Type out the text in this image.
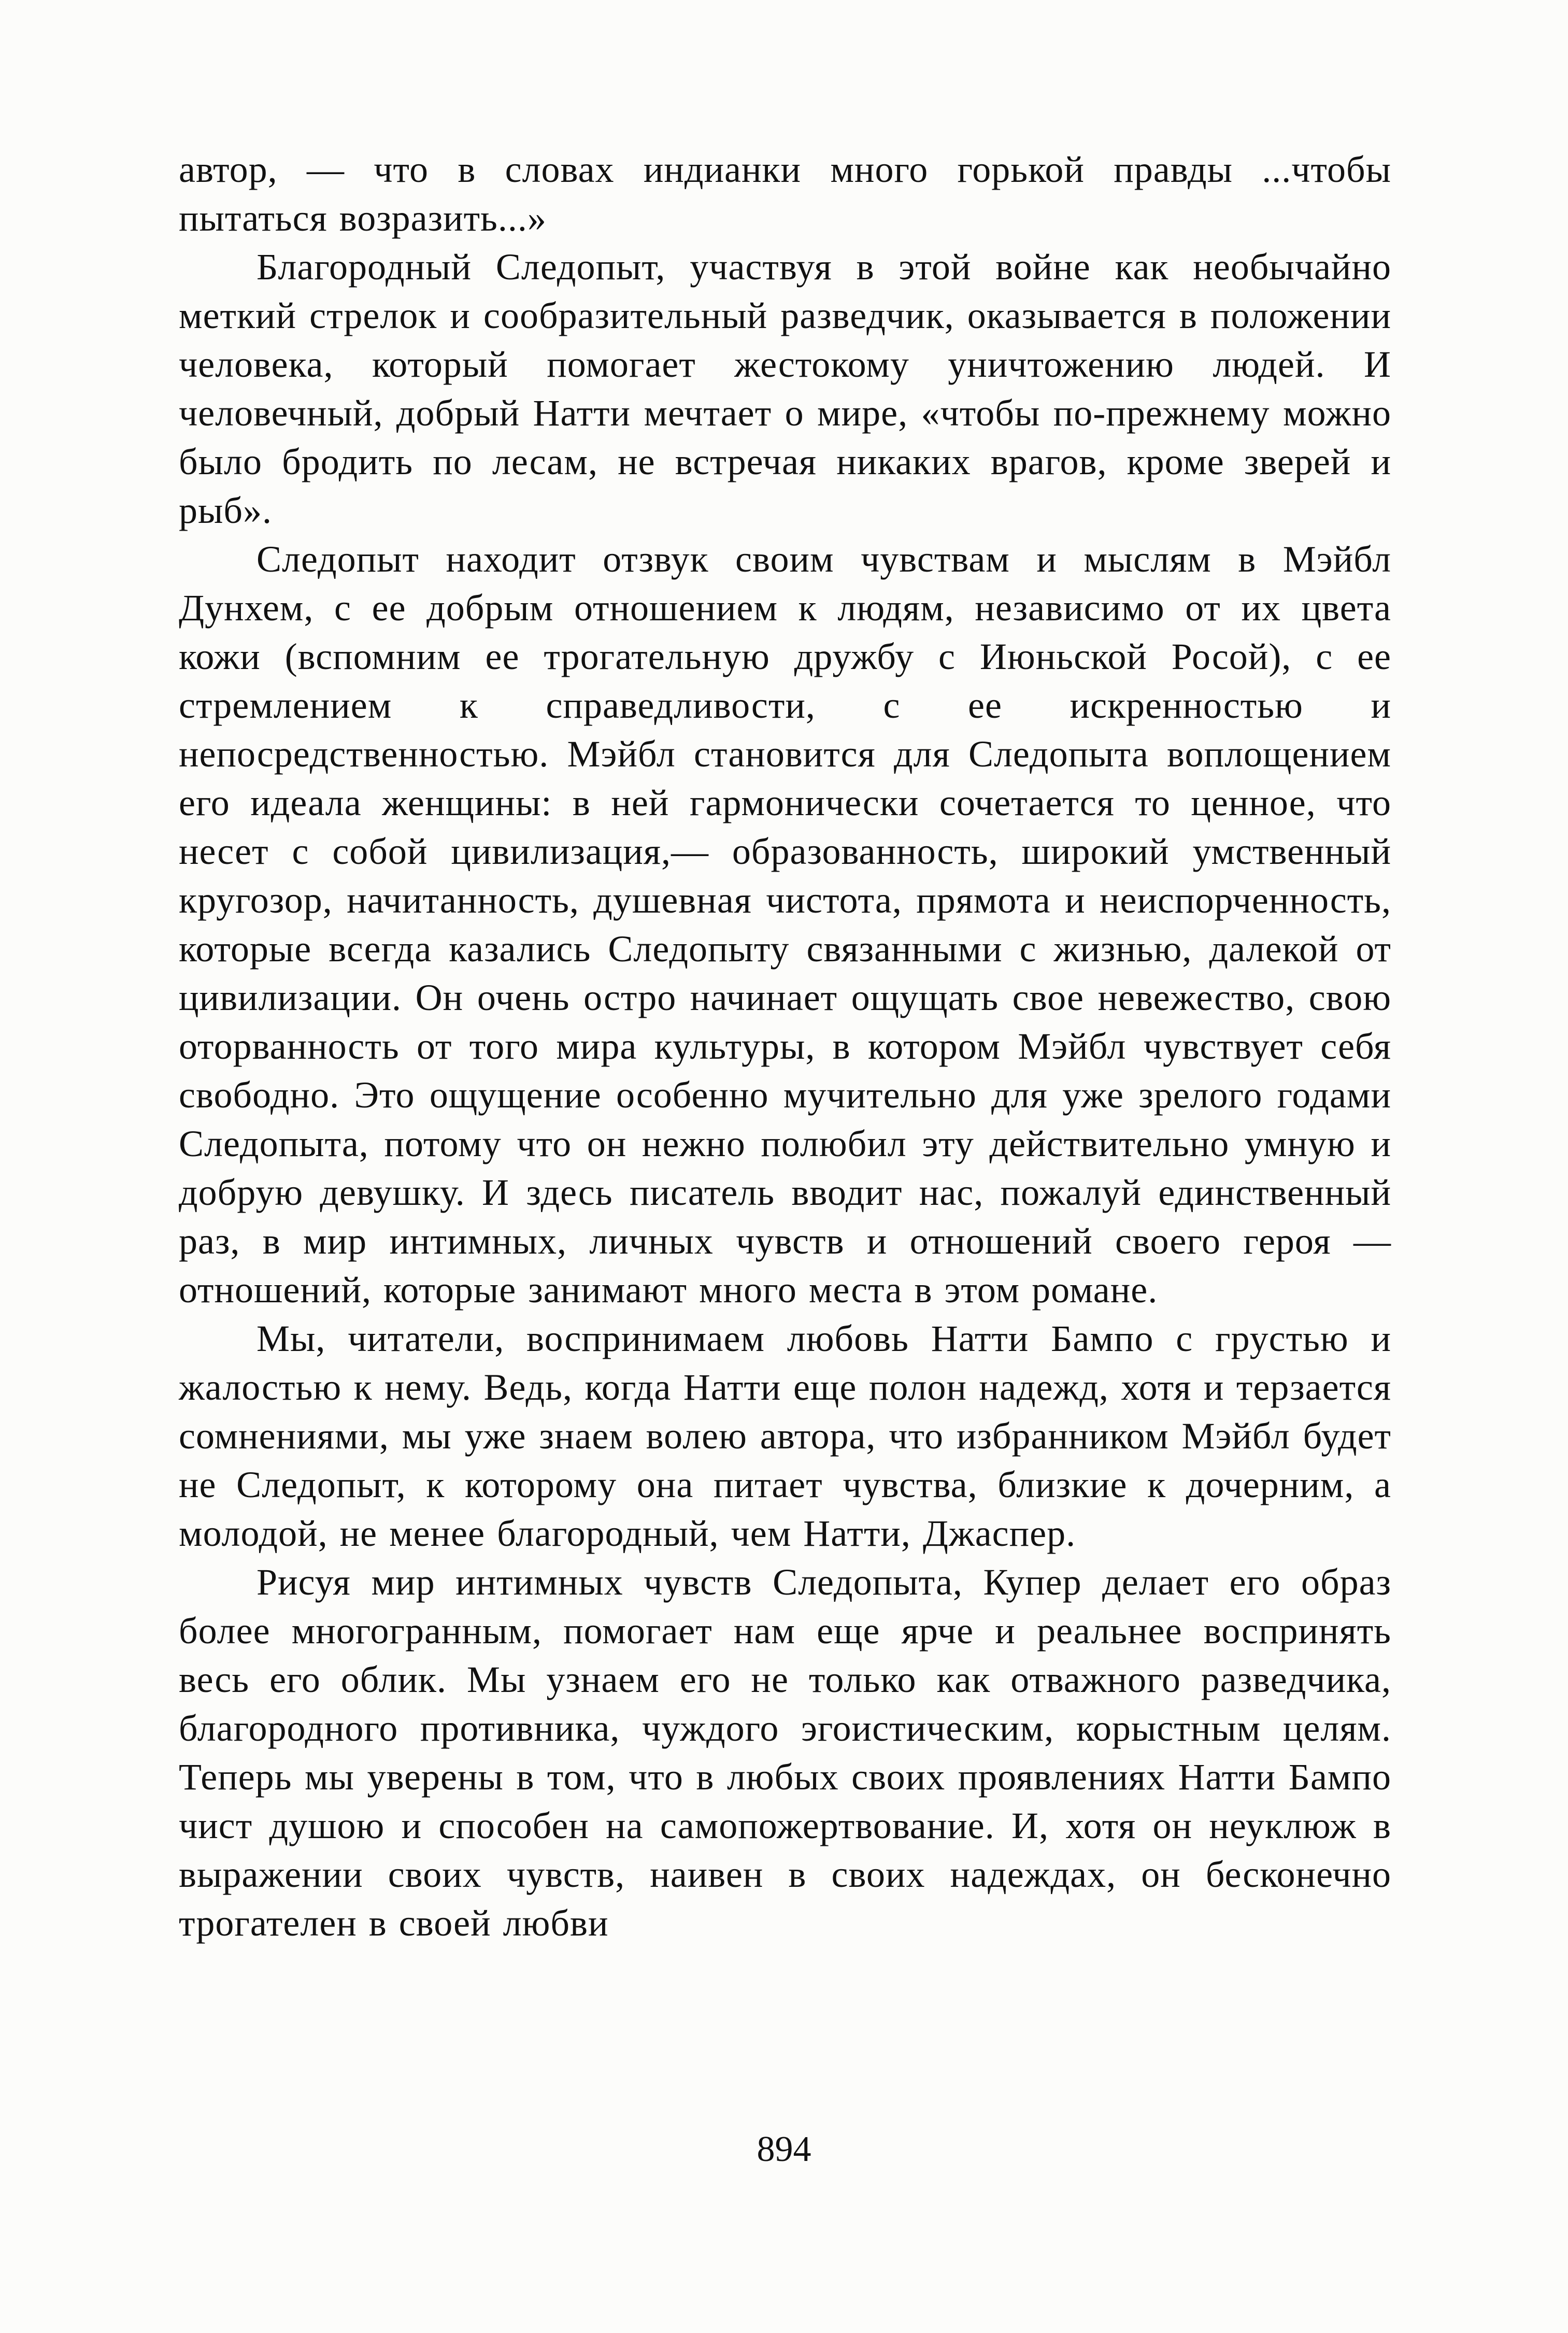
автор, — что в словах индианки много горькой правды ...чтобы пытаться возразить...»

Благородный Следопыт, участвуя в этой войне как необычайно меткий стрелок и сообразительный разведчик, оказывается в положении человека, который помогает жестокому уничтожению людей. И человечный, добрый Натти мечтает о мире, «чтобы по-прежнему можно было бродить по лесам, не встречая никаких врагов, кроме зверей и рыб».

Следопыт находит отзвук своим чувствам и мыслям в Мэйбл Дунхем, с ее добрым отношением к людям, независимо от их цвета кожи (вспомним ее трогательную дружбу с Июньской Росой), с ее стремлением к справедливости, с ее искренностью и непосредственностью. Мэйбл становится для Следопыта воплощением его идеала женщины: в ней гармонически сочетается то ценное, что несет с собой цивилизация,— образованность, широкий умственный кругозор, начитанность, душевная чистота, прямота и неиспорченность, которые всегда казались Следопыту связанными с жизнью, далекой от цивилизации. Он очень остро начинает ощущать свое невежество, свою оторванность от того мира культуры, в котором Мэйбл чувствует себя свободно. Это ощущение особенно мучительно для уже зрелого годами Следопыта, потому что он нежно полюбил эту действительно умную и добрую девушку. И здесь писатель вводит нас, пожалуй единственный раз, в мир интимных, личных чувств и отношений своего героя — отношений, которые занимают много места в этом романе.

Мы, читатели, воспринимаем любовь Натти Бампо с грустью и жалостью к нему. Ведь, когда Натти еще полон надежд, хотя и терзается сомнениями, мы уже знаем волею автора, что избранником Мэйбл будет не Следопыт, к которому она питает чувства, близкие к дочерним, а молодой, не менее благородный, чем Натти, Джаспер.

Рисуя мир интимных чувств Следопыта, Купер делает его образ более многогранным, помогает нам еще ярче и реальнее воспринять весь его облик. Мы узнаем его не только как отважного разведчика, благородного противника, чуждого эгоистическим, корыстным целям. Теперь мы уверены в том, что в любых своих проявлениях Натти Бампо чист душою и способен на самопожертвование. И, хотя он неуклюж в выражении своих чувств, наивен в своих надеждах, он бесконечно трогателен в своей любви

894
